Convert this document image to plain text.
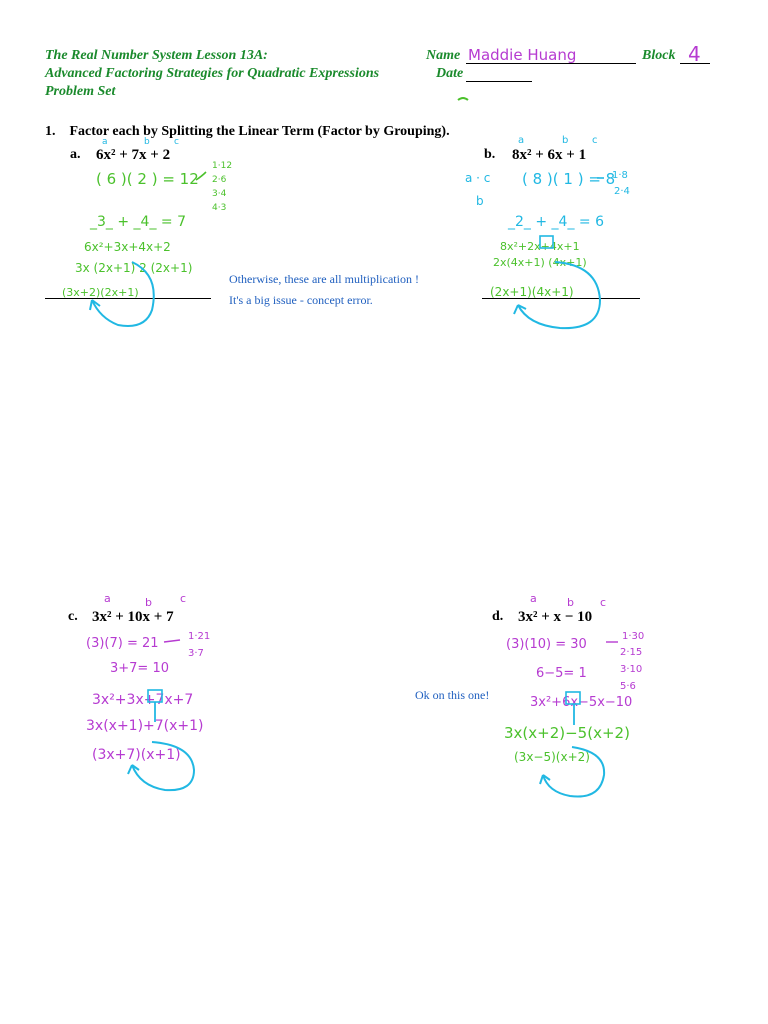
The Real Number System Lesson 13A:
Advanced Factoring Strategies for Quadratic Expressions
Problem Set
Name Maddie Huang	Block 4
Date
1. Factor each by Splitting the Linear Term (Factor by Grouping).
a. 6x² + 7x + 2
a	b	c
( 6 )( 2 ) = 12
1·12
2·6
3·4
4·3
_3_ + _4_ = 7
6x²+3x+4x+2
3x (2x+1) 2 (2x+1)
(3x+2)(2x+1)
b. 8x² + 6x + 1
a	b c
a · c
b
( 8 )( 1 ) = 8
1·8
2·4
_2_ + _4_ = 6
8x²+2x+4x+1
2x(4x+1) (4x+1)
(2x+1)(4x+1)
Otherwise, these are all multiplication !
It's a big issue - concept error.
c. 3x² + 10x + 7
a	b	c
(3)(7) = 21	1·21
3·7
3+7= 10
3x²+3x+7x+7
3x(x+1)+7(x+1)
(3x+7)(x+1)
d. 3x² + x − 10
a	b c
(3)(10) = 30
1·30
2·15
3·10
5·6
6−5= 1
3x²+6x−5x−10
3x(x+2)−5(x+2)
(3x−5)(x+2)
Ok on this one!
